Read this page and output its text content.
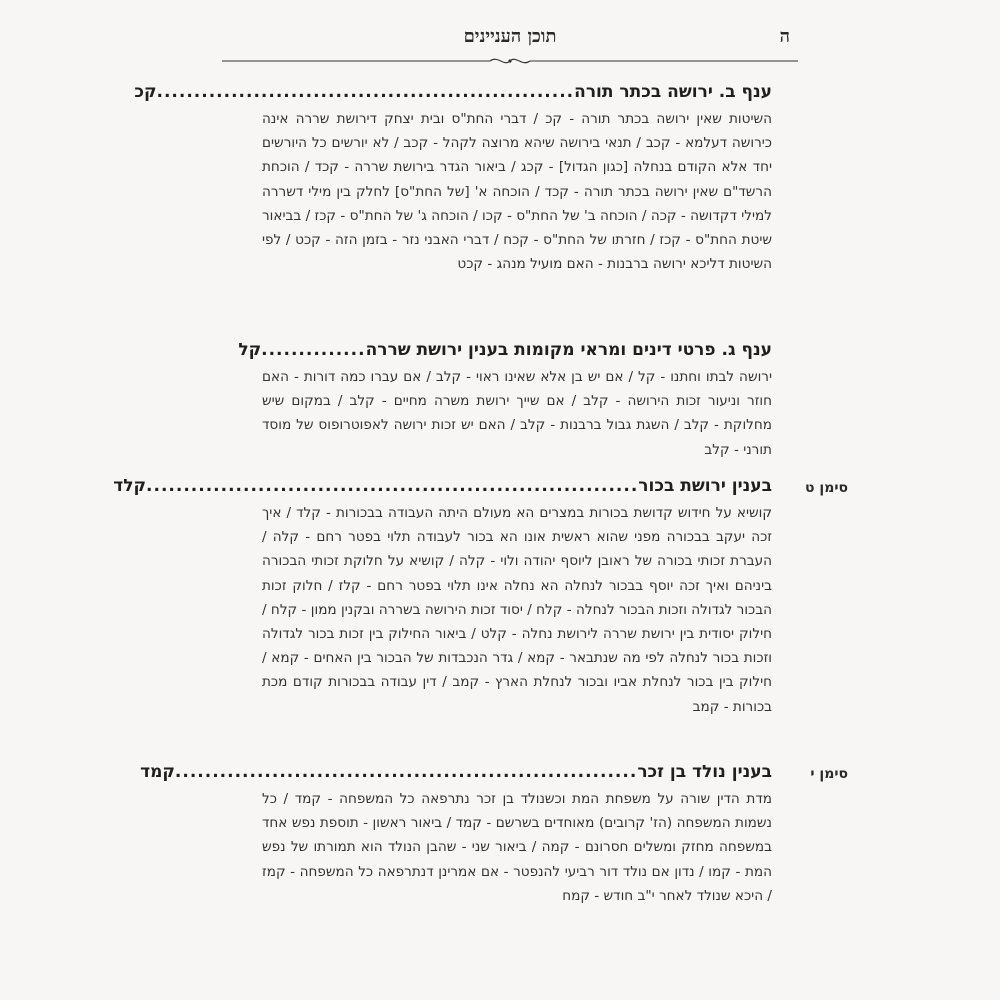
ה
תוכן העניינים
ענף ב. ירושה בכתר תורה
........................................................
קכ
השיטות שאין ירושה בכתר תורה - קכ / דברי החת"ס ובית יצחק דירושת שררה אינה כירושה דעלמא - קכב / תנאי בירושה שיהא מרוצה לקהל - קכב / לא יורשים כל היורשים יחד אלא הקודם בנחלה [כגון הגדול] - קכג / ביאור הגדר בירושת שררה - קכד / הוכחת הרשד"ם שאין ירושה בכתר תורה - קכד / הוכחה א' [של החת"ס] לחלק בין מילי דשררה למילי דקדושה - קכה / הוכחה ב' של החת"ס - קכו / הוכחה ג' של החת"ס - קכז / בביאור שיטת החת"ס - קכז / חזרתו של החת"ס - קכח / דברי האבני נזר - בזמן הזה - קכט / לפי השיטות דליכא ירושה ברבנות - האם מועיל מנהג - קכט
ענף ג. פרטי דינים ומראי מקומות בענין ירושת שררה
..............
קל
ירושה לבתו וחתנו - קל / אם יש בן אלא שאינו ראוי - קלב / אם עברו כמה דורות - האם חוזר וניעור זכות הירושה - קלב / אם שייך ירושת משרה מחיים - קלב / במקום שיש מחלוקת - קלב / השגת גבול ברבנות - קלב / האם יש זכות ירושה לאפוטרופוס של מוסד תורני - קלב
סימן ט
בענין ירושת בכור
..................................................................
קלד
קושיא על חידוש קדושת בכורות במצרים הא מעולם היתה העבודה בבכורות - קלד / איך זכה יעקב בבכורה מפני שהוא ראשית אונו הא בכור לעבודה תלוי בפטר רחם - קלה / העברת זכותי בכורה של ראובן ליוסף יהודה ולוי - קלה / קושיא על חלוקת זכותי הבכורה ביניהם ואיך זכה יוסף בבכור לנחלה הא נחלה אינו תלוי בפטר רחם - קלז / חלוק זכות הבכור לגדולה וזכות הבכור לנחלה - קלח / יסוד זכות הירושה בשררה ובקנין ממון - קלח / חילוק יסודית בין ירושת שררה לירושת נחלה - קלט / ביאור החילוק בין זכות בכור לגדולה וזכות בכור לנחלה לפי מה שנתבאר - קמא / גדר הנכבדות של הבכור בין האחים - קמא / חילוק בין בכור לנחלת אביו ובכור לנחלת הארץ - קמב / דין עבודה בבכורות קודם מכת בכורות - קמב
סימן י
בענין נולד בן זכר
..............................................................
קמד
מדת הדין שורה על משפחת המת וכשנולד בן זכר נתרפאה כל המשפחה - קמד / כל נשמות המשפחה (הז' קרובים) מאוחדים בשרשם - קמד / ביאור ראשון - תוספת נפש אחד במשפחה מחזק ומשלים חסרונם - קמה / ביאור שני - שהבן הנולד הוא תמורתו של נפש המת - קמו / נדון אם נולד דור רביעי להנפטר - אם אמרינן דנתרפאה כל המשפחה - קמז / היכא שנולד לאחר י"ב חודש - קמח
